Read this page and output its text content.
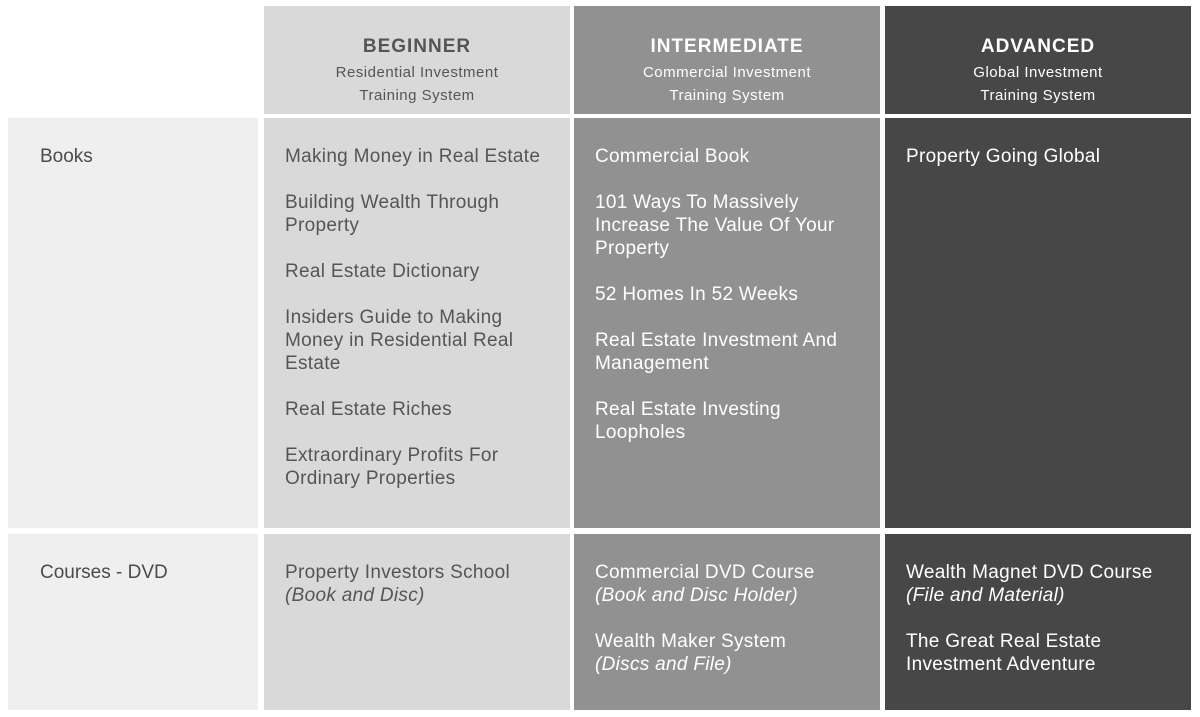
BEGINNER
Residential Investment
Training System
INTERMEDIATE
Commercial Investment
Training System
ADVANCED
Global Investment
Training System
Books	Making Money in Real Estate
Building Wealth Through Property
Real Estate Dictionary
Insiders Guide to Making Money in Residential Real Estate
Real Estate Riches
Extraordinary Profits For Ordinary Properties
Commercial Book
101 Ways To Massively Increase The Value Of Your Property
52 Homes In 52 Weeks
Real Estate Investment And Management
Real Estate Investing Loopholes
Property Going Global
Courses - DVD	Property Investors School
(Book and Disc)
Commercial DVD Course
(Book and Disc Holder)
Wealth Maker System
(Discs and File)
Wealth Magnet DVD Course
(File and Material)
The Great Real Estate Investment Adventure
